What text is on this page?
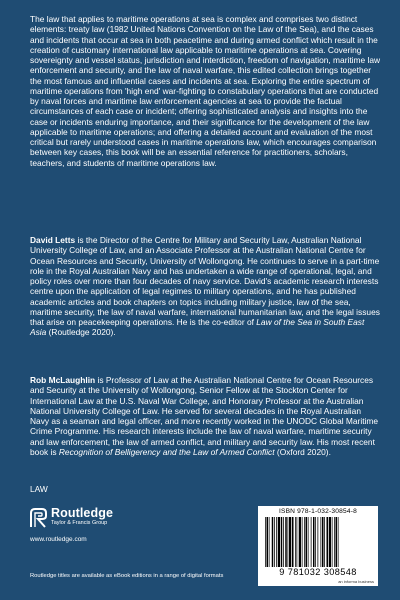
The law that applies to maritime operations at sea is complex and comprises two distinct elements: treaty law (1982 United Nations Convention on the Law of the Sea), and the cases and incidents that occur at sea in both peacetime and during armed conflict which result in the creation of customary international law applicable to maritime operations at sea. Covering sovereignty and vessel status, jurisdiction and interdiction, freedom of navigation, maritime law enforcement and security, and the law of naval warfare, this edited collection brings together the most famous and influential cases and incidents at sea. Exploring the entire spectrum of maritime operations from 'high end' war-fighting to constabulary operations that are conducted by naval forces and maritime law enforcement agencies at sea to provide the factual circumstances of each case or incident; offering sophisticated analysis and insights into the case or incidents enduring importance, and their significance for the development of the law applicable to maritime operations; and offering a detailed account and evaluation of the most critical but rarely understood cases in maritime operations law, which encourages comparison between key cases, this book will be an essential reference for practitioners, scholars, teachers, and students of maritime operations law.

David Letts is the Director of the Centre for Military and Security Law, Australian National University College of Law, and an Associate Professor at the Australian National Centre for Ocean Resources and Security, University of Wollongong. He continues to serve in a part-time role in the Royal Australian Navy and has undertaken a wide range of operational, legal, and policy roles over more than four decades of navy service. David's academic research interests centre upon the application of legal regimes to military operations, and he has published academic articles and book chapters on topics including military justice, law of the sea, maritime security, the law of naval warfare, international humanitarian law, and the legal issues that arise on peacekeeping operations. He is the co-editor of Law of the Sea in South East Asia (Routledge 2020).

Rob McLaughlin is Professor of Law at the Australian National Centre for Ocean Resources and Security at the University of Wollongong, Senior Fellow at the Stockton Center for International Law at the U.S. Naval War College, and Honorary Professor at the Australian National University College of Law. He served for several decades in the Royal Australian Navy as a seaman and legal officer, and more recently worked in the UNODC Global Maritime Crime Programme. His research interests include the law of naval warfare, maritime security and law enforcement, the law of armed conflict, and military and security law. His most recent book is Recognition of Belligerency and the Law of Armed Conflict (Oxford 2020).

LAW

Routledge
Taylor & Francis Group
www.routledge.com

Routledge titles are available as eBook editions in a range of digital formats

ISBN 978-1-032-30854-8
9 781032 308548
an informa business
